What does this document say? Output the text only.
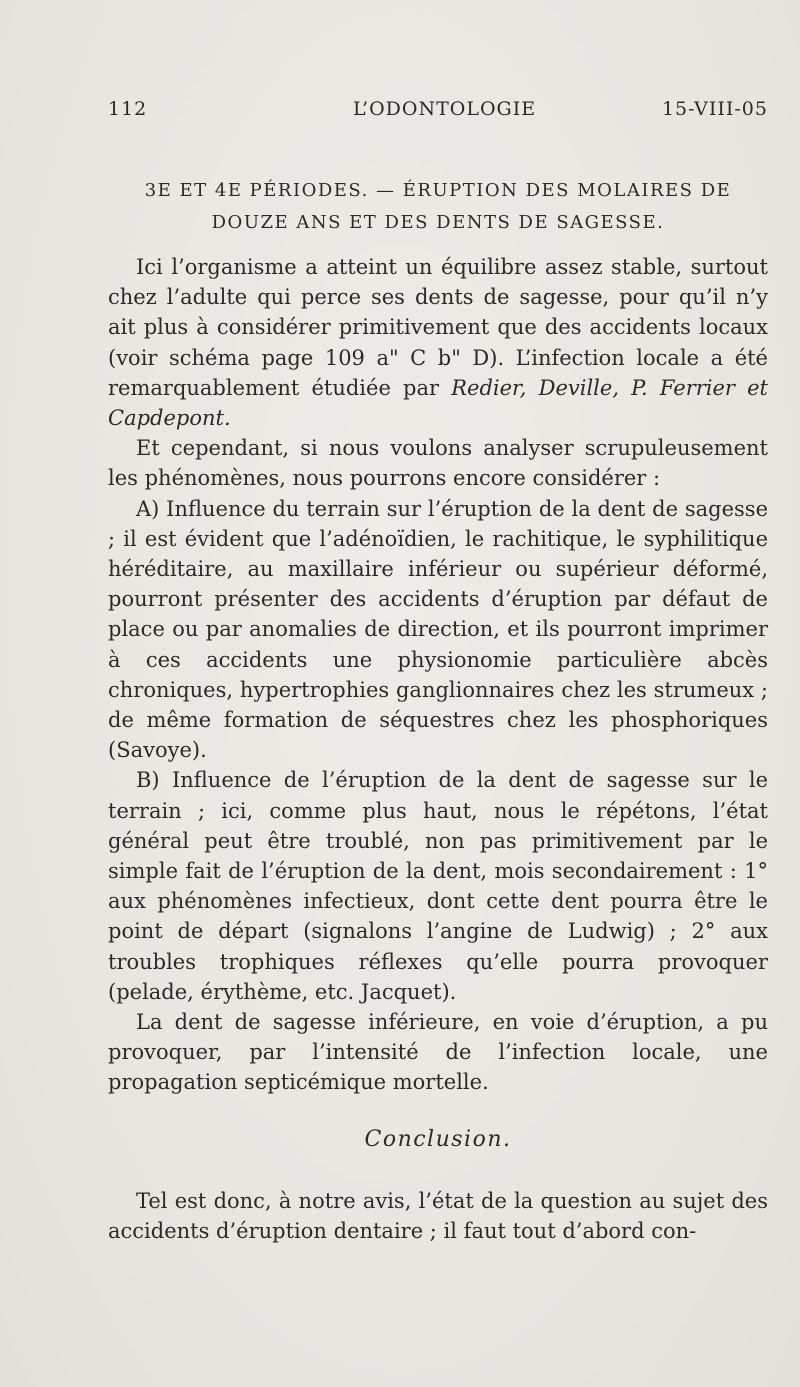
112	L’ODONTOLOGIE	15-VIII-05
3E ET 4E PÉRIODES. — ÉRUPTION DES MOLAIRES DE
DOUZE ANS ET DES DENTS DE SAGESSE.

Ici l’organisme a atteint un équilibre assez stable, surtout chez l’adulte qui perce ses dents de sagesse, pour qu’il n’y ait plus à considérer primitivement que des accidents locaux (voir schéma page 109 a" C b" D). L’infection locale a été remarquablement étudiée par Redier, Deville, P. Ferrier et Capdepont.

Et cependant, si nous voulons analyser scrupuleusement les phénomènes, nous pourrons encore considérer :

A) Influence du terrain sur l’éruption de la dent de sagesse ; il est évident que l’adénoïdien, le rachitique, le syphilitique héréditaire, au maxillaire inférieur ou supérieur déformé, pourront présenter des accidents d’éruption par défaut de place ou par anomalies de direction, et ils pourront imprimer à ces accidents une physionomie particulière abcès chroniques, hypertrophies ganglionnaires chez les strumeux ; de même formation de séquestres chez les phosphoriques (Savoye).

B) Influence de l’éruption de la dent de sagesse sur le terrain ; ici, comme plus haut, nous le répétons, l’état général peut être troublé, non pas primitivement par le simple fait de l’éruption de la dent, mois secondairement : 1° aux phénomènes infectieux, dont cette dent pourra être le point de départ (signalons l’angine de Ludwig) ; 2° aux troubles trophiques réflexes qu’elle pourra provoquer (pelade, érythème, etc. Jacquet).

La dent de sagesse inférieure, en voie d’éruption, a pu provoquer, par l’intensité de l’infection locale, une propagation septicémique mortelle.

Conclusion.

Tel est donc, à notre avis, l’état de la question au sujet des accidents d’éruption dentaire ; il faut tout d’abord con-
